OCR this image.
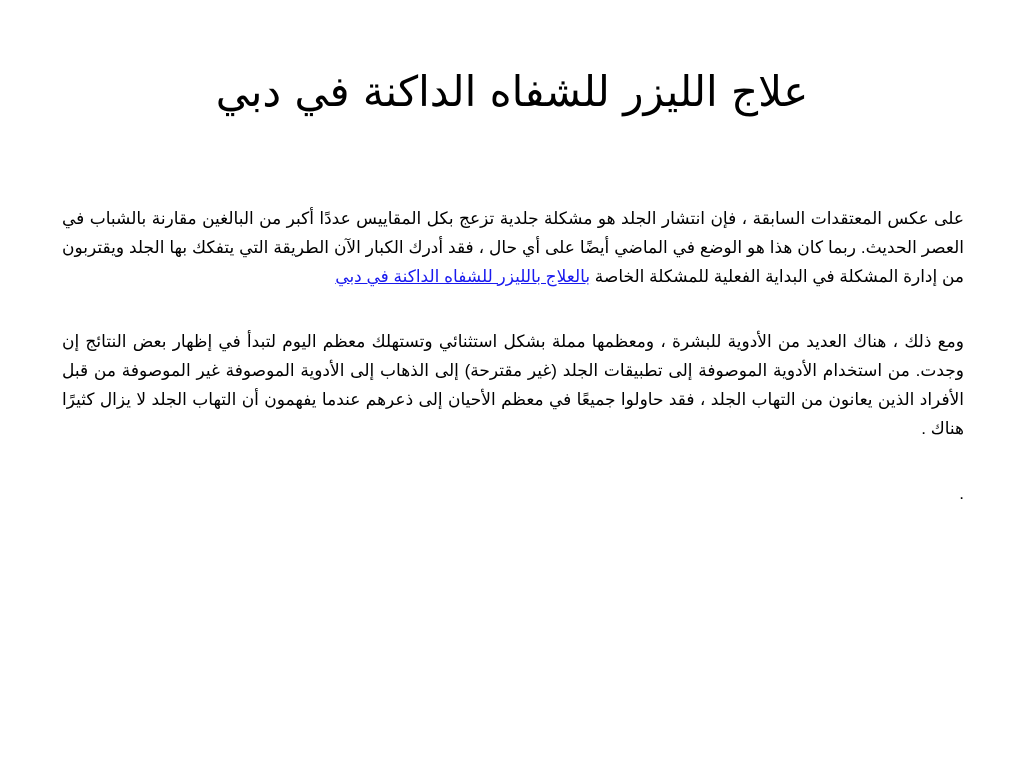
علاج الليزر للشفاه الداكنة في دبي

على عكس المعتقدات السابقة ، فإن انتشار الجلد هو مشكلة جلدية تزعج بكل المقاييس عددًا أكبر من البالغين مقارنة بالشباب في العصر الحديث. ربما كان هذا هو الوضع في الماضي أيضًا على أي حال ، فقد أدرك الكبار الآن الطريقة التي يتفكك بها الجلد ويقتربون من إدارة المشكلة في البداية الفعلية للمشكلة الخاصة بالعلاج بالليزر للشفاه الداكنة في دبي

ومع ذلك ، هناك العديد من الأدوية للبشرة ، ومعظمها مملة بشكل استثنائي وتستهلك معظم اليوم لتبدأ في إظهار بعض النتائج إن وجدت. من استخدام الأدوية الموصوفة إلى تطبيقات الجلد (غير مقترحة) إلى الذهاب إلى الأدوية الموصوفة غير الموصوفة من قبل الأفراد الذين يعانون من التهاب الجلد ، فقد حاولوا جميعًا في معظم الأحيان إلى ذعرهم عندما يفهمون أن التهاب الجلد لا يزال كثيرًا هناك .

.
